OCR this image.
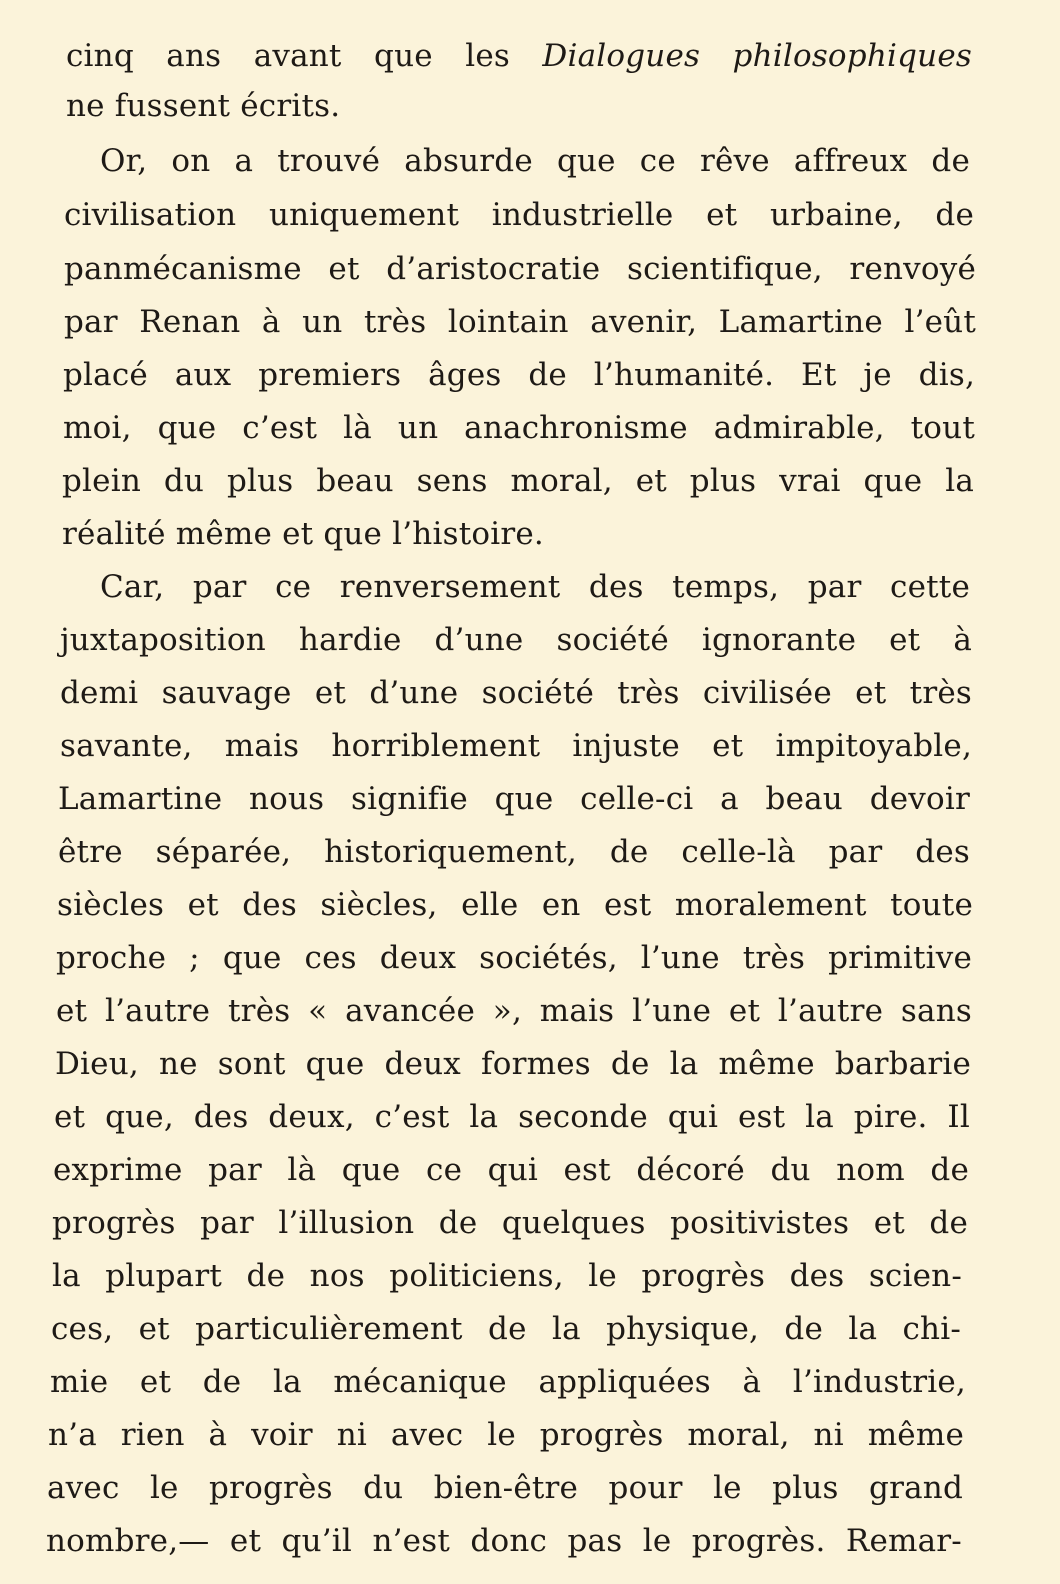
cinq ans avant que les Dialogues philosophiques
ne fussent écrits.
Or, on a trouvé absurde que ce rêve affreux de
civilisation uniquement industrielle et urbaine, de
panmécanisme et d’aristocratie scientifique, renvoyé
par Renan à un très lointain avenir, Lamartine l’eût
placé aux premiers âges de l’humanité. Et je dis,
moi, que c’est là un anachronisme admirable, tout
plein du plus beau sens moral, et plus vrai que la
réalité même et que l’histoire.
Car, par ce renversement des temps, par cette
juxtaposition hardie d’une société ignorante et à
demi sauvage et d’une société très civilisée et très
savante, mais horriblement injuste et impitoyable,
Lamartine nous signifie que celle-ci a beau devoir
être séparée, historiquement, de celle-là par des
siècles et des siècles, elle en est moralement toute
proche ; que ces deux sociétés, l’une très primitive
et l’autre très « avancée », mais l’une et l’autre sans
Dieu, ne sont que deux formes de la même barbarie
et que, des deux, c’est la seconde qui est la pire. Il
exprime par là que ce qui est décoré du nom de
progrès par l’illusion de quelques positivistes et de
la plupart de nos politiciens, le progrès des scien-
ces, et particulièrement de la physique, de la chi-
mie et de la mécanique appliquées à l’industrie,
n’a rien à voir ni avec le progrès moral, ni même
avec le progrès du bien-être pour le plus grand
nombre,— et qu’il n’est donc pas le progrès. Remar-
